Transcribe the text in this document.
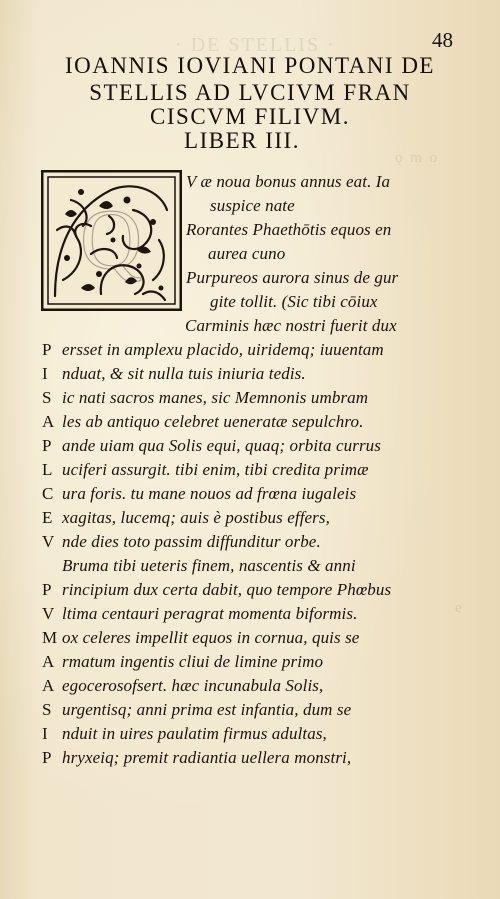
· DE STELLIS ·
ǫ m o
e
48
IOANNIS IOVIANI PONTANI DE
STELLIS AD LVCIVM FRAN
CISCVM FILIVM.
LIBER III.
Q
V æ noua bonus annus eat. Ia
suspice nate
Rorantes Phaethōtis equos en
aurea cuno
Purpureos aurora sinus de gur
gite tollit. (Sic tibi cōiux
Carminis hæc nostri fuerit dux
P ersset in amplexu placido, uiridemq; iuuentam
I nduat, & sit nulla tuis iniuria tedis.
S ic nati sacros manes, sic Memnonis umbram
A les ab antiquo celebret ueneratæ sepulchro.
P ande uiam qua Solis equi, quaq; orbita currus
L uciferi assurgit. tibi enim, tibi credita primæ
C ura foris. tu mane nouos ad frœna iugaleis
E xagitas, lucemq; auis è postibus effers,
V nde dies toto passim diffunditur orbe.
Bruma tibi ueteris finem, nascentis & anni
P rincipium dux certa dabit, quo tempore Phœbus
V ltima centauri peragrat momenta biformis.
M ox celeres impellit equos in cornua, quis se
A rmatum ingentis cliui de limine primo
A egocerosofsert. hæc incunabula Solis,
S urgentisq; anni prima est infantia, dum se
I nduit in uires paulatim firmus adultas,
P hryxeiq; premit radiantia uellera monstri,
